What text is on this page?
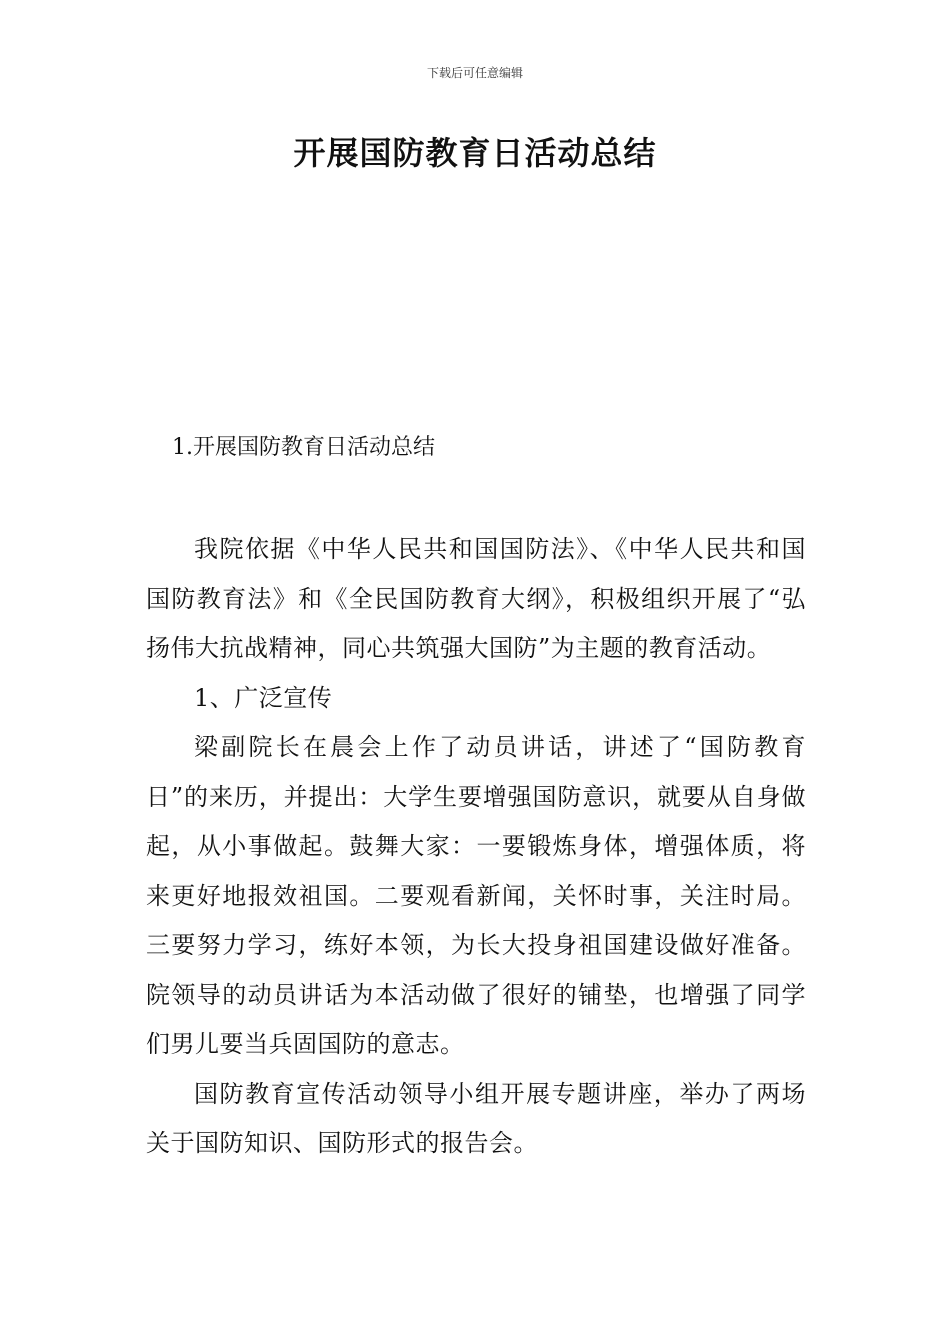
下载后可任意编辑
开展国防教育日活动总结
1.开展国防教育日活动总结

我院依据《中华人民共和国国防法》、《中华人民共和国国防教育法》和《全民国防教育大纲》，积极组织开展了“弘扬伟大抗战精神，同心共筑强大国防”为主题的教育活动。

1、广泛宣传

梁副院长在晨会上作了动员讲话，讲述了“国防教育日”的来历，并提出：大学生要增强国防意识，就要从自身做起，从小事做起。鼓舞大家：一要锻炼身体，增强体质，将来更好地报效祖国。二要观看新闻，关怀时事，关注时局。三要努力学习，练好本领，为长大投身祖国建设做好准备。院领导的动员讲话为本活动做了很好的铺垫，也增强了同学们男儿要当兵固国防的意志。

国防教育宣传活动领导小组开展专题讲座，举办了两场关于国防知识、国防形式的报告会。
